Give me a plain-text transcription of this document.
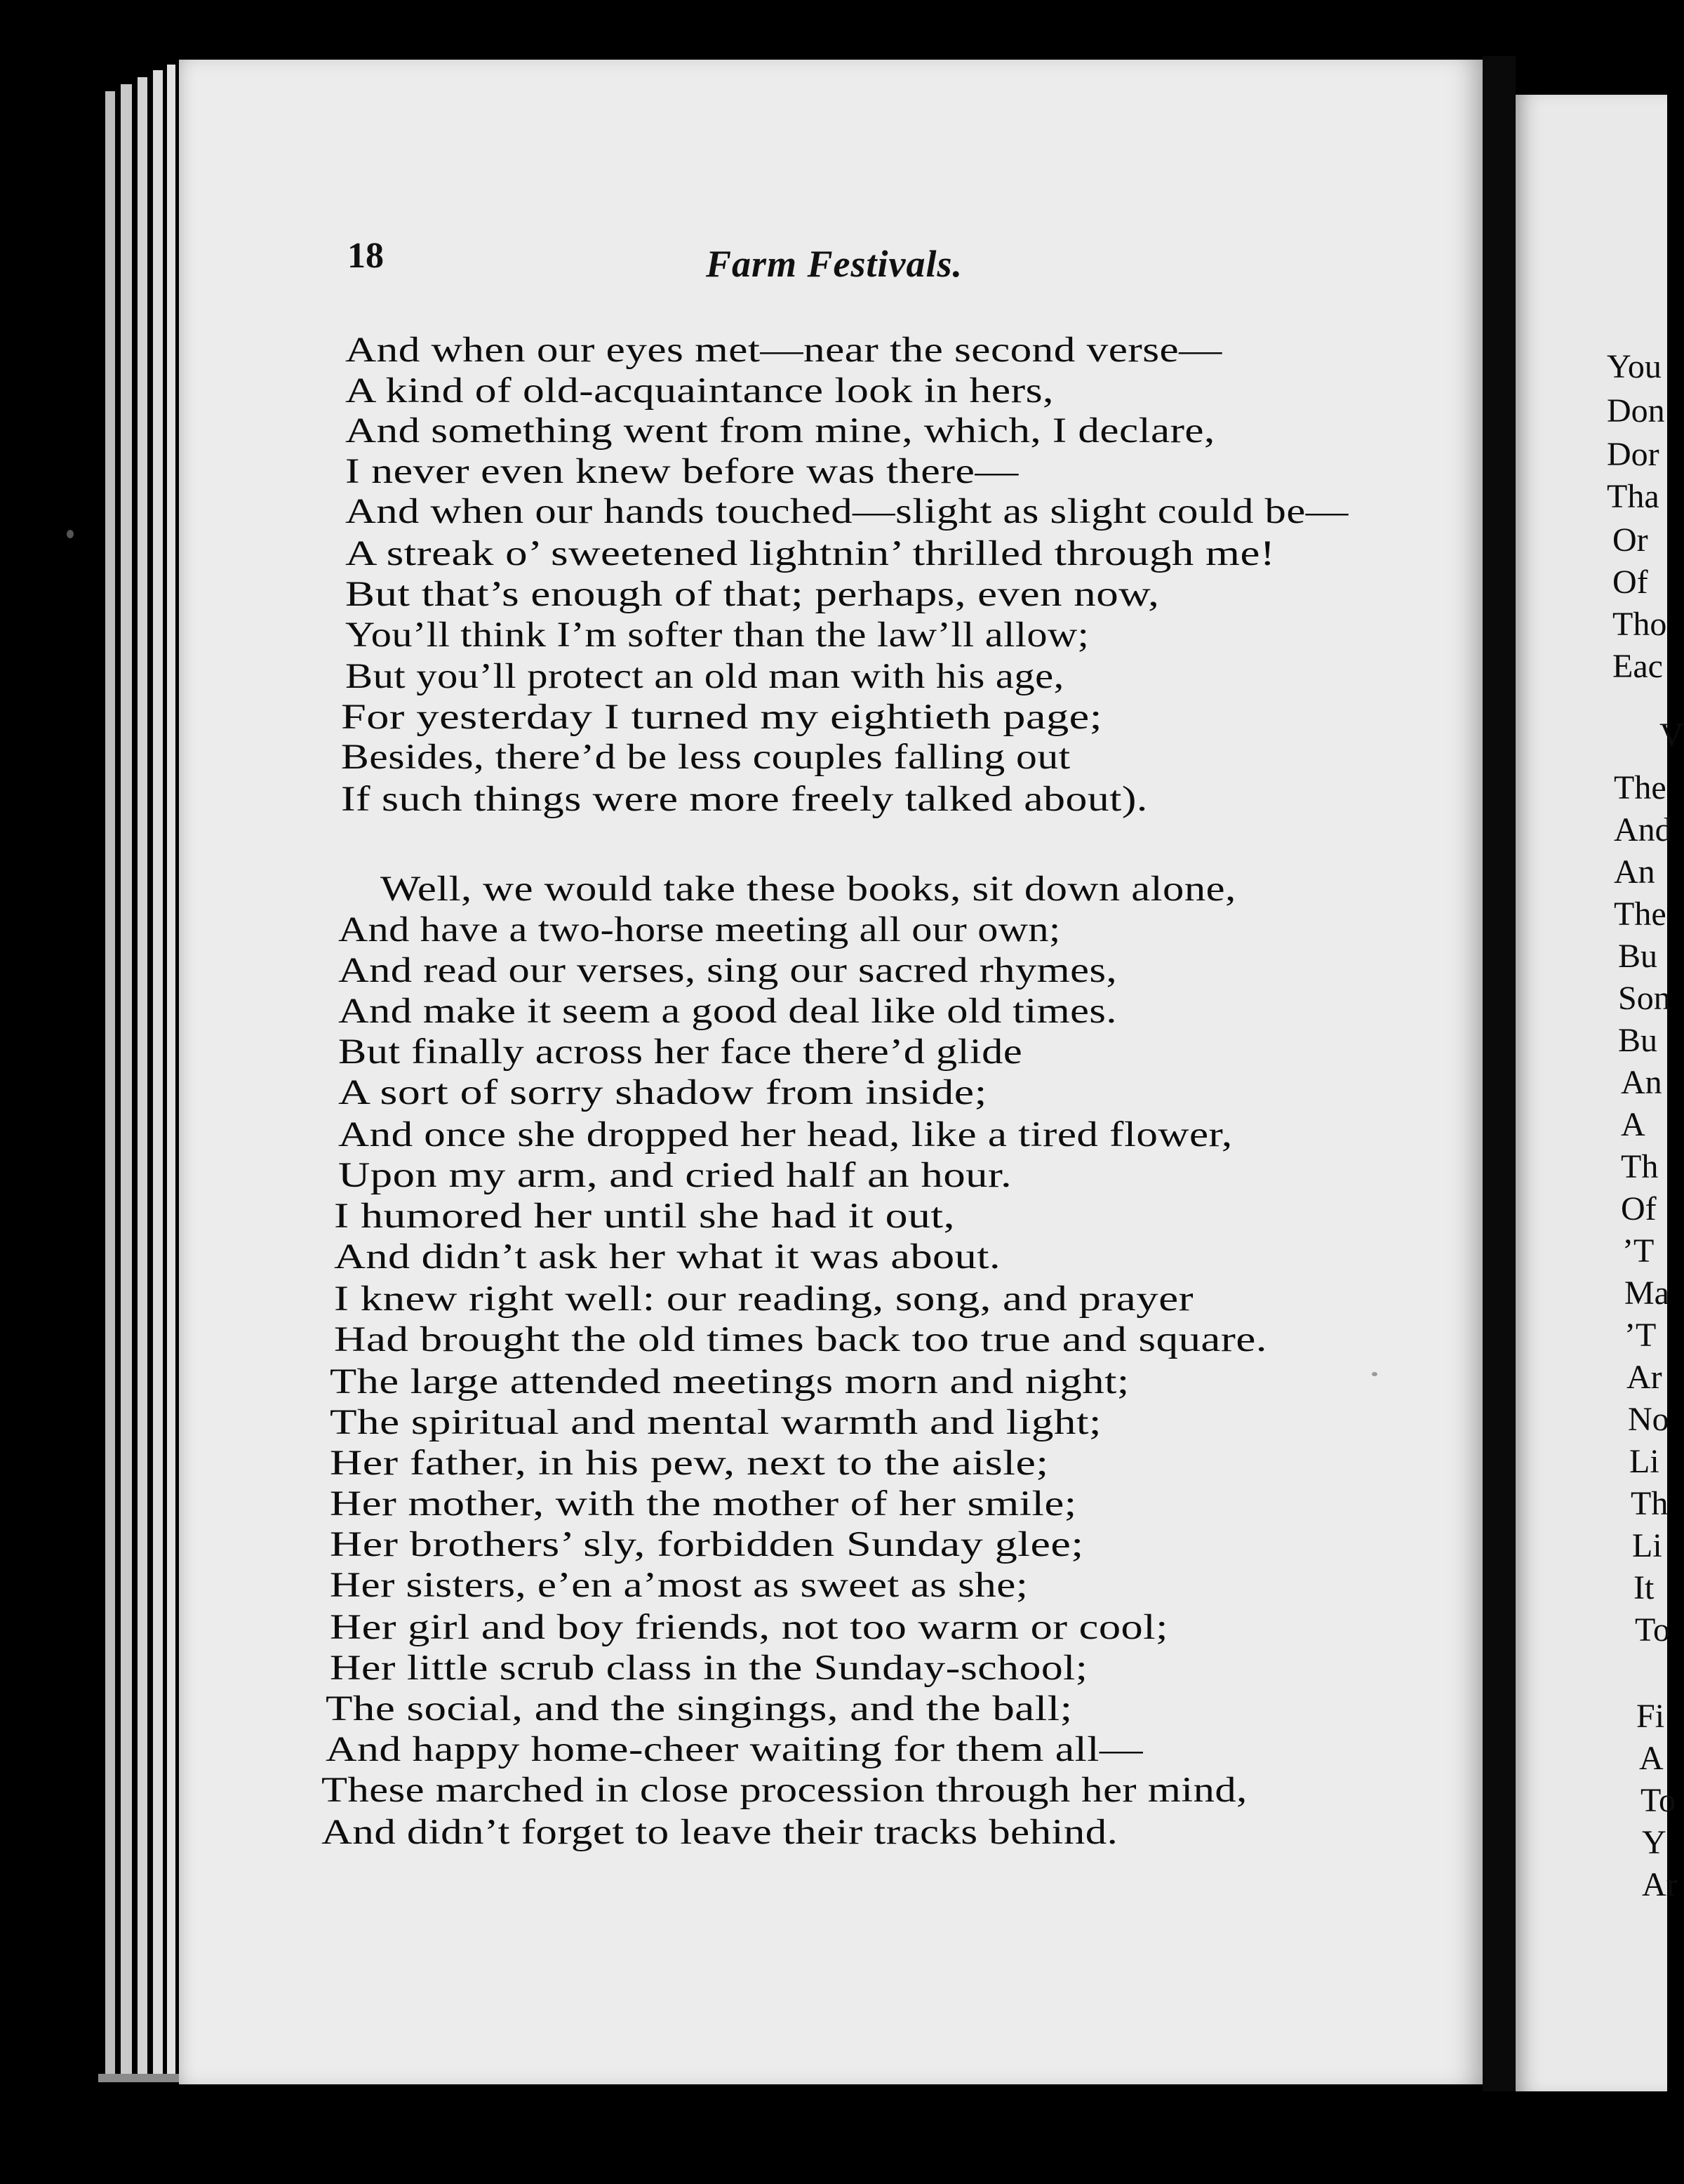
You
Don
Dor
Tha
Or
Of
Tho
Eac
V
The
And
An
The
Bu
Son
Bu
An
A
Th
Of
’T
Ma
’T
Ar
No
Li
Th
Li
It
To
Fi
A
To
Y
Ar
18	Farm Festivals.
And when our eyes met—near the second verse—
A kind of old-acquaintance look in hers,
And something went from mine, which, I declare,
I never even knew before was there—
And when our hands touched—slight as slight could be—
A streak o’ sweetened lightnin’ thrilled through me!
But that’s enough of that; perhaps, even now,
You’ll think I’m softer than the law’ll allow;
But you’ll protect an old man with his age,
For yesterday I turned my eightieth page;
Besides, there’d be less couples falling out
If such things were more freely talked about).
Well, we would take these books, sit down alone,
And have a two-horse meeting all our own;
And read our verses, sing our sacred rhymes,
And make it seem a good deal like old times.
But finally across her face there’d glide
A sort of sorry shadow from inside;
And once she dropped her head, like a tired flower,
Upon my arm, and cried half an hour.
I humored her until she had it out,
And didn’t ask her what it was about.
I knew right well: our reading, song, and prayer
Had brought the old times back too true and square.
The large attended meetings morn and night;
The spiritual and mental warmth and light;
Her father, in his pew, next to the aisle;
Her mother, with the mother of her smile;
Her brothers’ sly, forbidden Sunday glee;
Her sisters, e’en a’most as sweet as she;
Her girl and boy friends, not too warm or cool;
Her little scrub class in the Sunday-school;
The social, and the singings, and the ball;
And happy home-cheer waiting for them all—
These marched in close procession through her mind,
And didn’t forget to leave their tracks behind.
